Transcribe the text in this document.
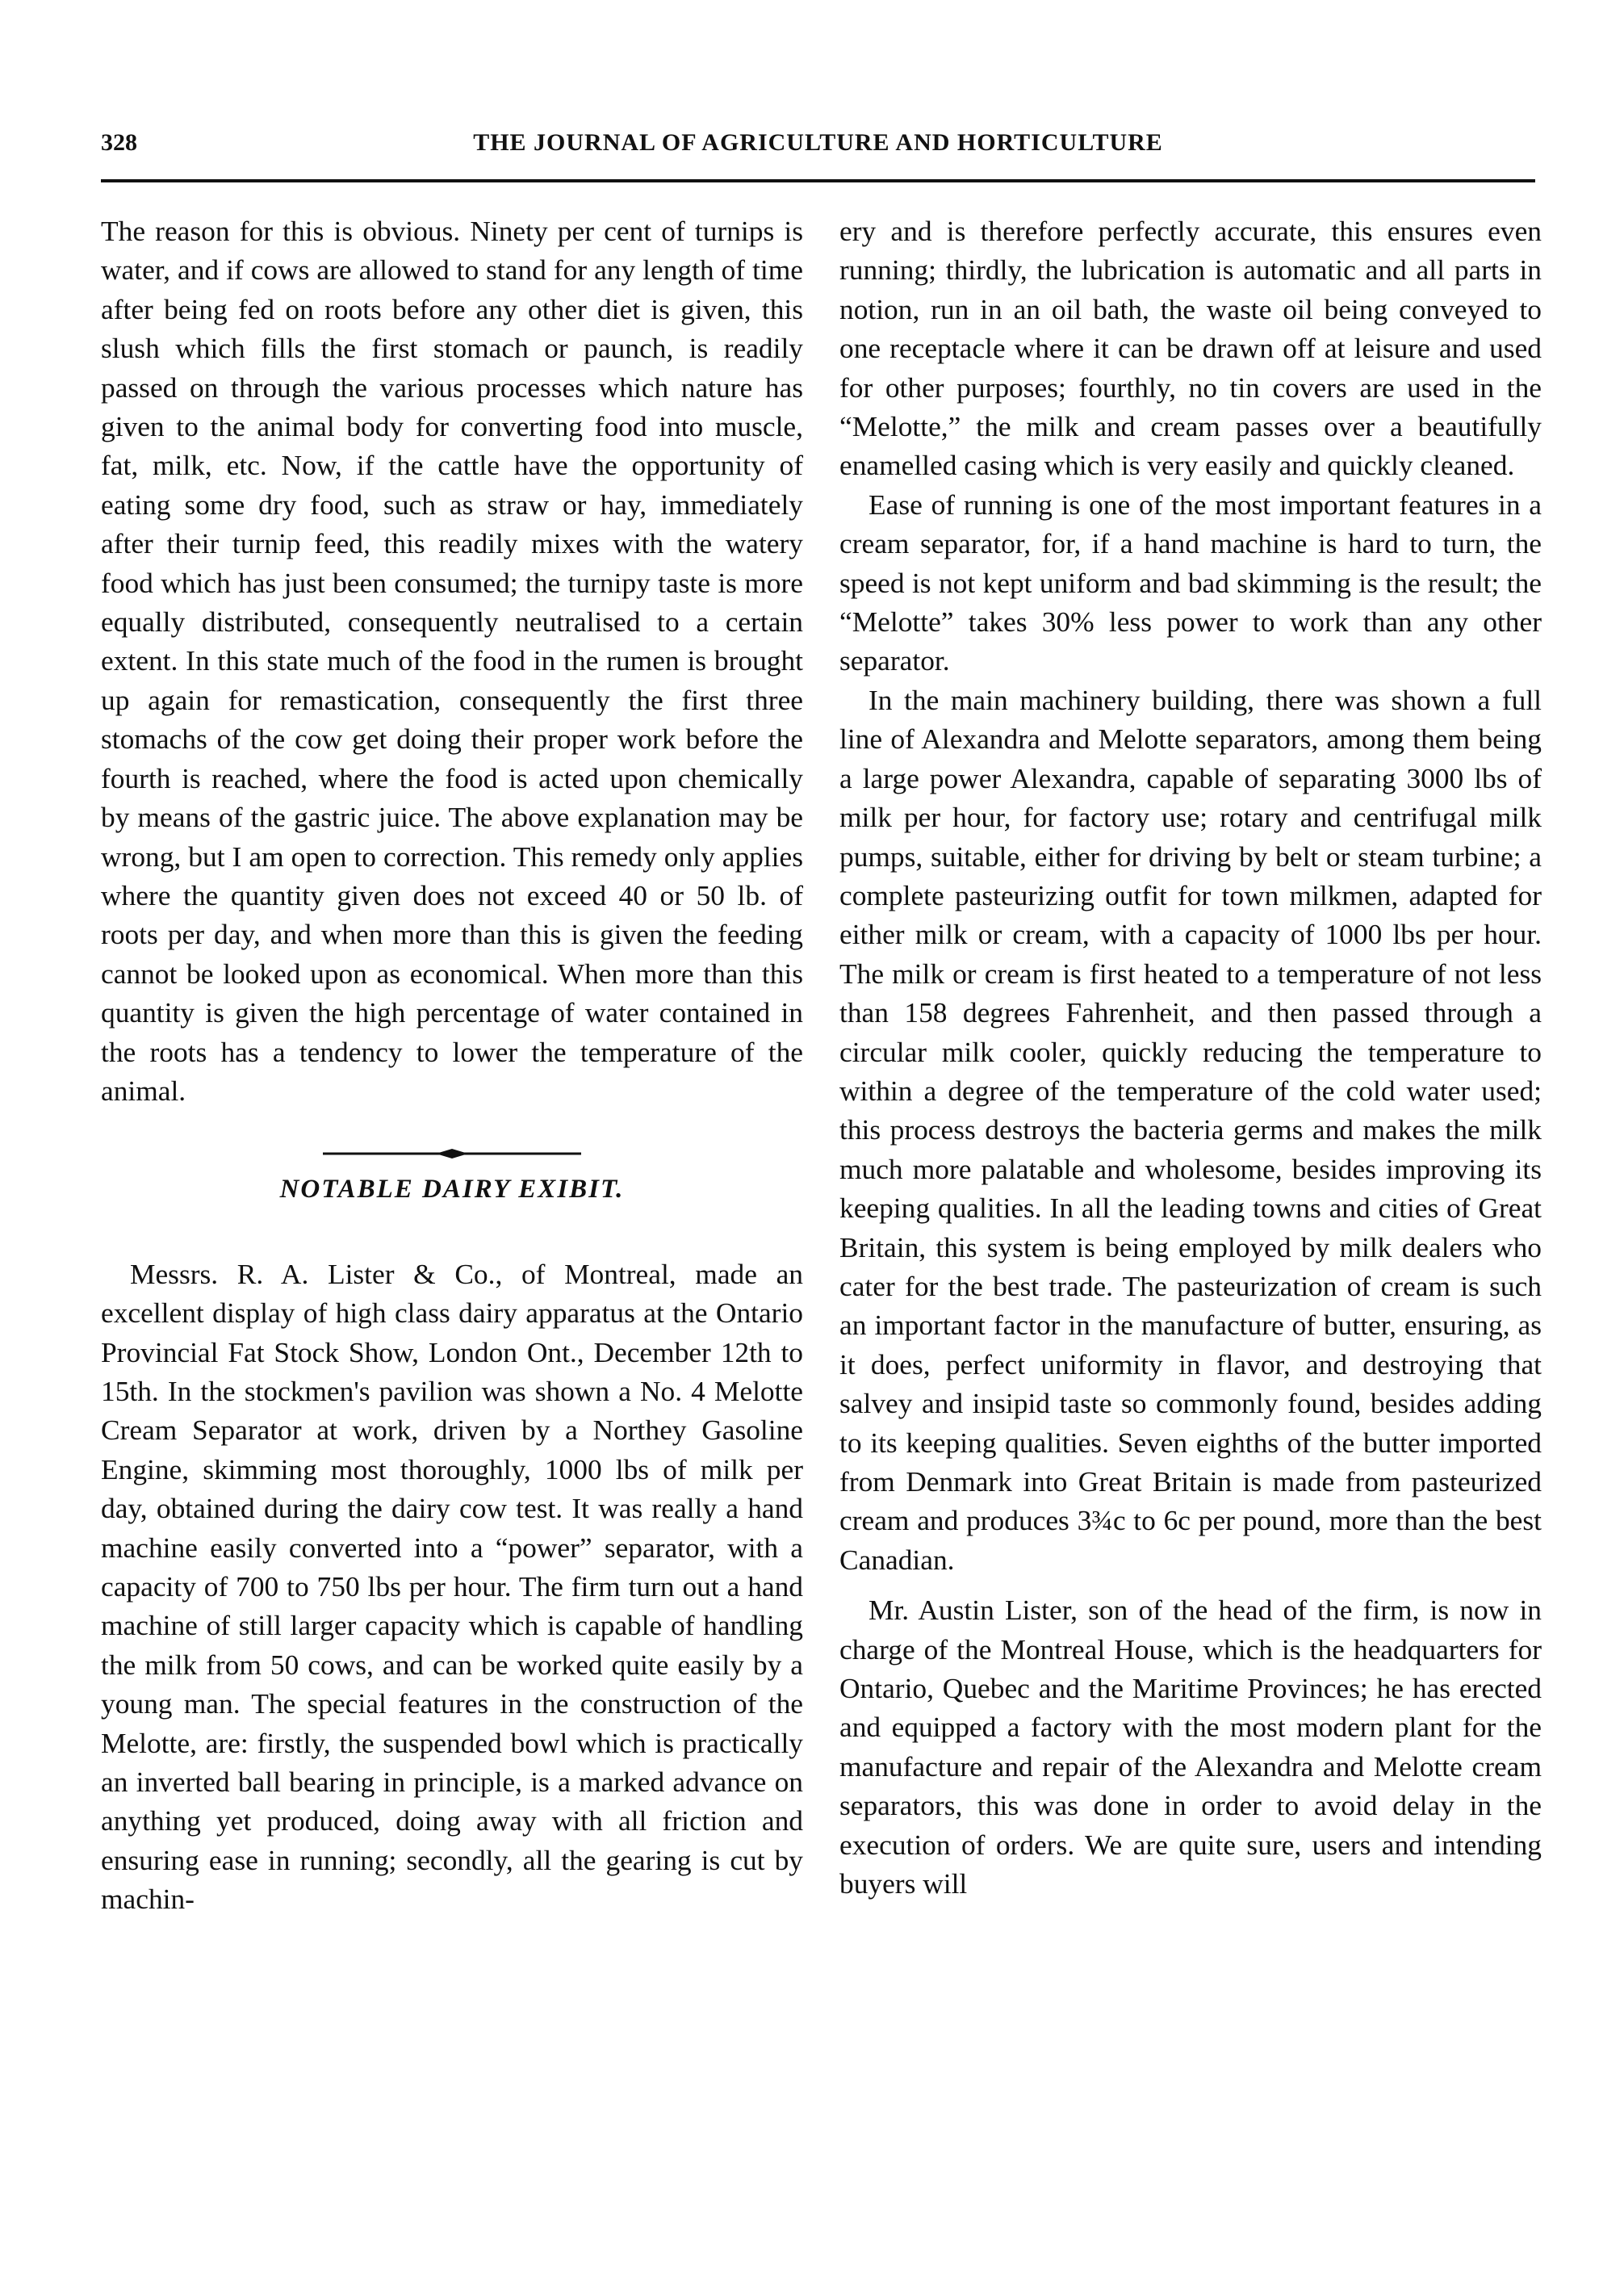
328	THE JOURNAL OF AGRICULTURE AND HORTICULTURE

The reason for this is obvious. Ninety per cent of turnips is water, and if cows are allowed to stand for any length of time after being fed on roots before any other diet is given, this slush which fills the first stomach or paunch, is readily passed on through the various processes which nature has given to the animal body for converting food into muscle, fat, milk, etc. Now, if the cattle have the opportunity of eating some dry food, such as straw or hay, immediately after their turnip feed, this readily mixes with the watery food which has just been consumed; the turnipy taste is more equally distributed, consequently neutralised to a certain extent. In this state much of the food in the rumen is brought up again for remastication, consequently the first three stomachs of the cow get doing their proper work before the fourth is reached, where the food is acted upon chemically by means of the gastric juice. The above explanation may be wrong, but I am open to correction. This remedy only applies where the quantity given does not exceed 40 or 50 lb. of roots per day, and when more than this is given the feeding cannot be looked upon as economical. When more than this quantity is given the high percentage of water contained in the roots has a tendency to lower the temperature of the animal.

NOTABLE DAIRY EXIBIT.

Messrs. R. A. Lister & Co., of Montreal, made an excellent display of high class dairy apparatus at the Ontario Provincial Fat Stock Show, London Ont., December 12th to 15th. In the stockmen's pavilion was shown a No. 4 Melotte Cream Separator at work, driven by a Northey Gasoline Engine, skimming most thoroughly, 1000 lbs of milk per day, obtained during the dairy cow test. It was really a hand machine easily converted into a “power” separator, with a capacity of 700 to 750 lbs per hour. The firm turn out a hand machine of still larger capacity which is capable of handling the milk from 50 cows, and can be worked quite easily by a young man. The special features in the construction of the Melotte, are: firstly, the suspended bowl which is practically an inverted ball bearing in principle, is a marked advance on anything yet produced, doing away with all friction and ensuring ease in running; secondly, all the gearing is cut by machin-

ery and is therefore perfectly accurate, this ensures even running; thirdly, the lubrication is automatic and all parts in notion, run in an oil bath, the waste oil being conveyed to one receptacle where it can be drawn off at leisure and used for other purposes; fourthly, no tin covers are used in the “Melotte,” the milk and cream passes over a beautifully enamelled casing which is very easily and quickly cleaned.

Ease of running is one of the most important features in a cream separator, for, if a hand machine is hard to turn, the speed is not kept uniform and bad skimming is the result; the “Melotte” takes 30% less power to work than any other separator.

In the main machinery building, there was shown a full line of Alexandra and Melotte separators, among them being a large power Alexandra, capable of separating 3000 lbs of milk per hour, for factory use; rotary and centrifugal milk pumps, suitable, either for driving by belt or steam turbine; a complete pasteurizing outfit for town milkmen, adapted for either milk or cream, with a capacity of 1000 lbs per hour. The milk or cream is first heated to a temperature of not less than 158 degrees Fahrenheit, and then passed through a circular milk cooler, quickly reducing the temperature to within a degree of the temperature of the cold water used; this process destroys the bacteria germs and makes the milk much more palatable and wholesome, besides improving its keeping qualities. In all the leading towns and cities of Great Britain, this system is being employed by milk dealers who cater for the best trade. The pasteurization of cream is such an important factor in the manufacture of butter, ensuring, as it does, perfect uniformity in flavor, and destroying that salvey and insipid taste so commonly found, besides adding to its keeping qualities. Seven eighths of the butter imported from Denmark into Great Britain is made from pasteurized cream and produces 3¾c to 6c per pound, more than the best Canadian.

Mr. Austin Lister, son of the head of the firm, is now in charge of the Montreal House, which is the headquarters for Ontario, Quebec and the Maritime Provinces; he has erected and equipped a factory with the most modern plant for the manufacture and repair of the Alexandra and Melotte cream separators, this was done in order to avoid delay in the execution of orders. We are quite sure, users and intending buyers will
